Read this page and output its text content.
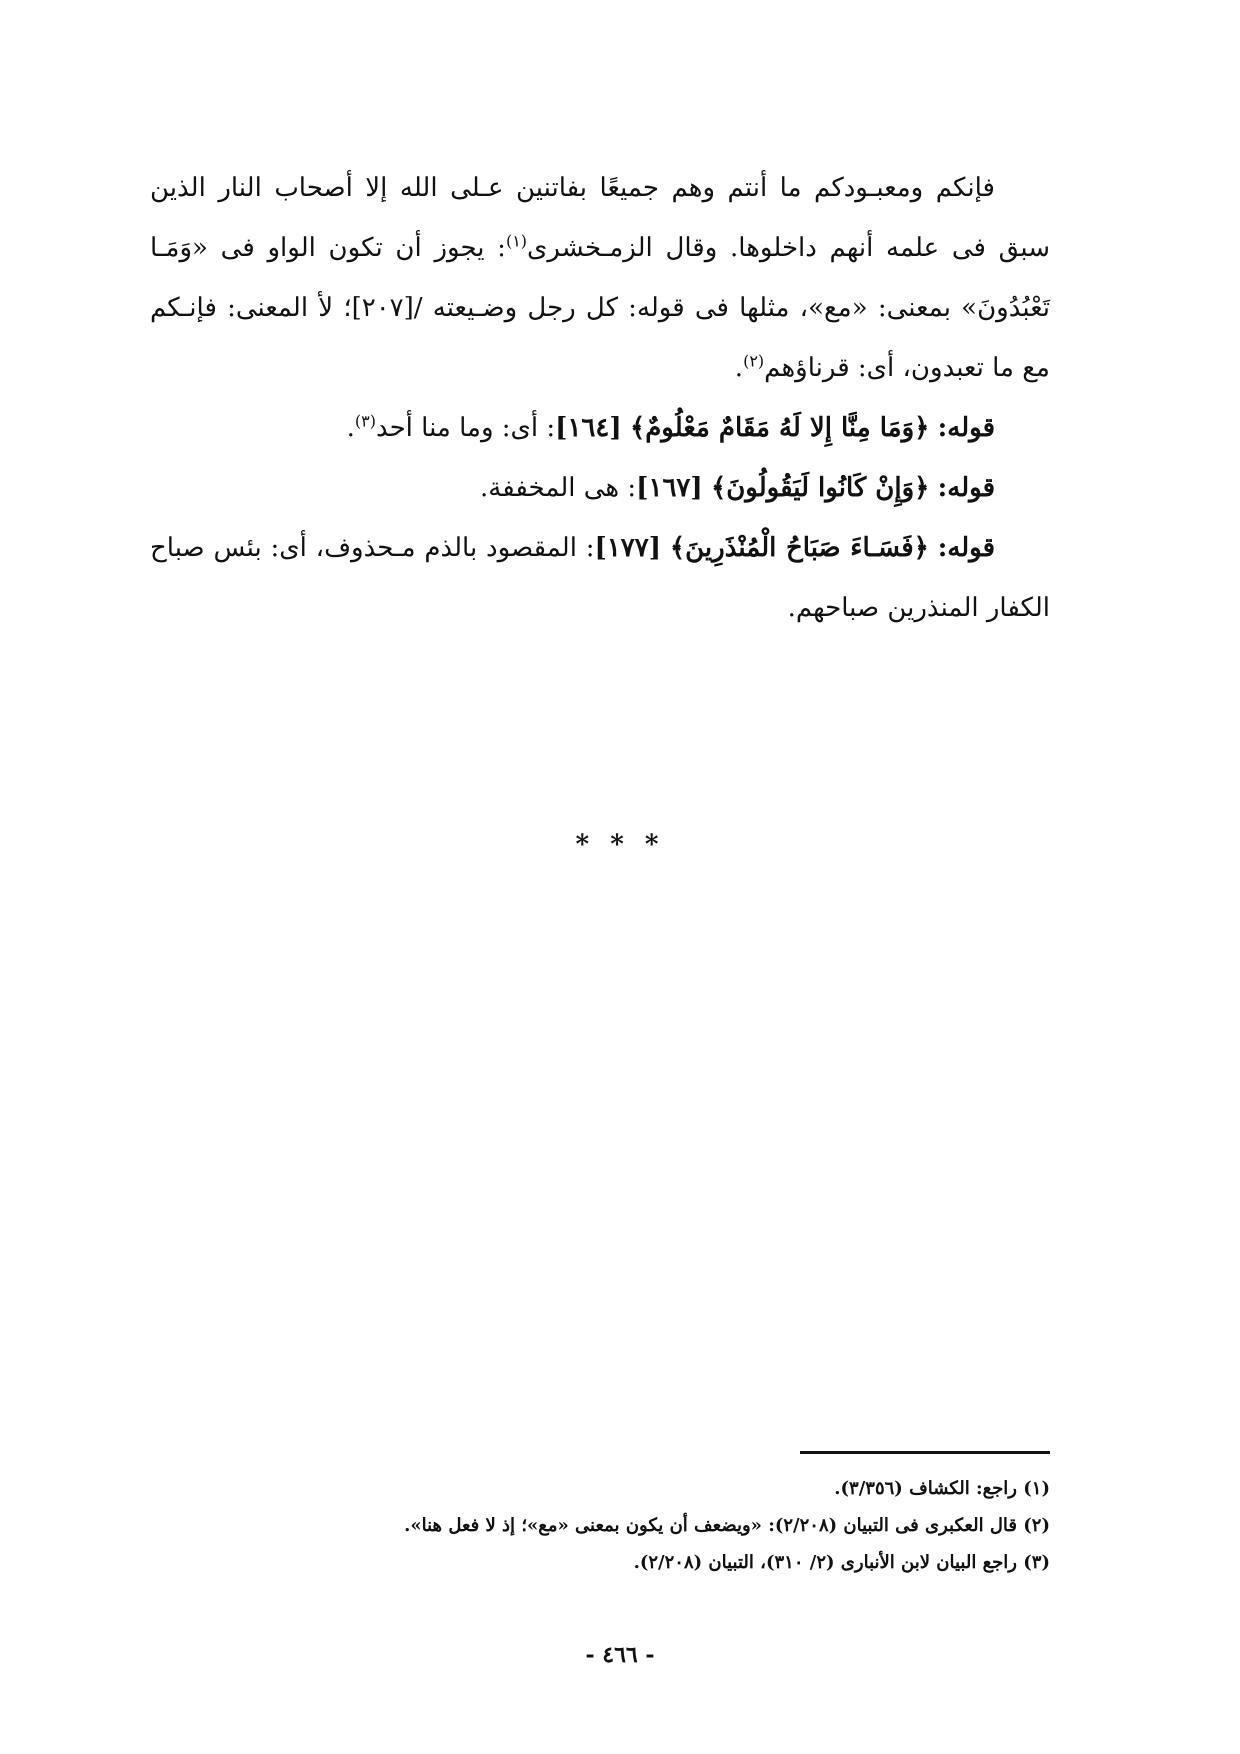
فإنكم ومعبـودكم ما أنتم وهم جميعًا بفاتنين عـلى الله إلا أصحاب النار الذين سبق فى علمه أنهم داخلوها. وقال الزمـخشرى$^{(١)}$: يجوز أن تكون الواو فى «وَمَـا تَعْبُدُونَ» بمعنى: «مع»، مثلها فى قوله: كل رجل وضـيعته /[٢٠٧]؛ لأ المعنى: فإنـكم مع ما تعبدون، أى: قرناؤهم$^{(٢)}$.

قوله: ﴿وَمَا مِنَّا إِلا لَهُ مَقَامٌ مَعْلُومٌ﴾ [١٦٤]: أى: وما منا أحد$^{(٣)}$.

قوله: ﴿وَإِنْ كَانُوا لَيَقُولُونَ﴾ [١٦٧]: هى المخففة.

قوله: ﴿فَسَـاءَ صَبَاحُ الْمُنْذَرِينَ﴾ [١٧٧]: المقصود بالذم مـحذوف، أى: بئس صباح الكفار المنذرين صباحهم.

* * *

(١) راجع: الكشاف (٣/٣٥٦).

(٢) قال العكبرى فى التبيان (٢/٢٠٨): «ويضعف أن يكون بمعنى «مع»؛ إذ لا فعل هنا».

(٣) راجع البيان لابن الأنبارى (٢/ ٣١٠)، التبيان (٢/٢٠٨).

- ٤٦٦ -
